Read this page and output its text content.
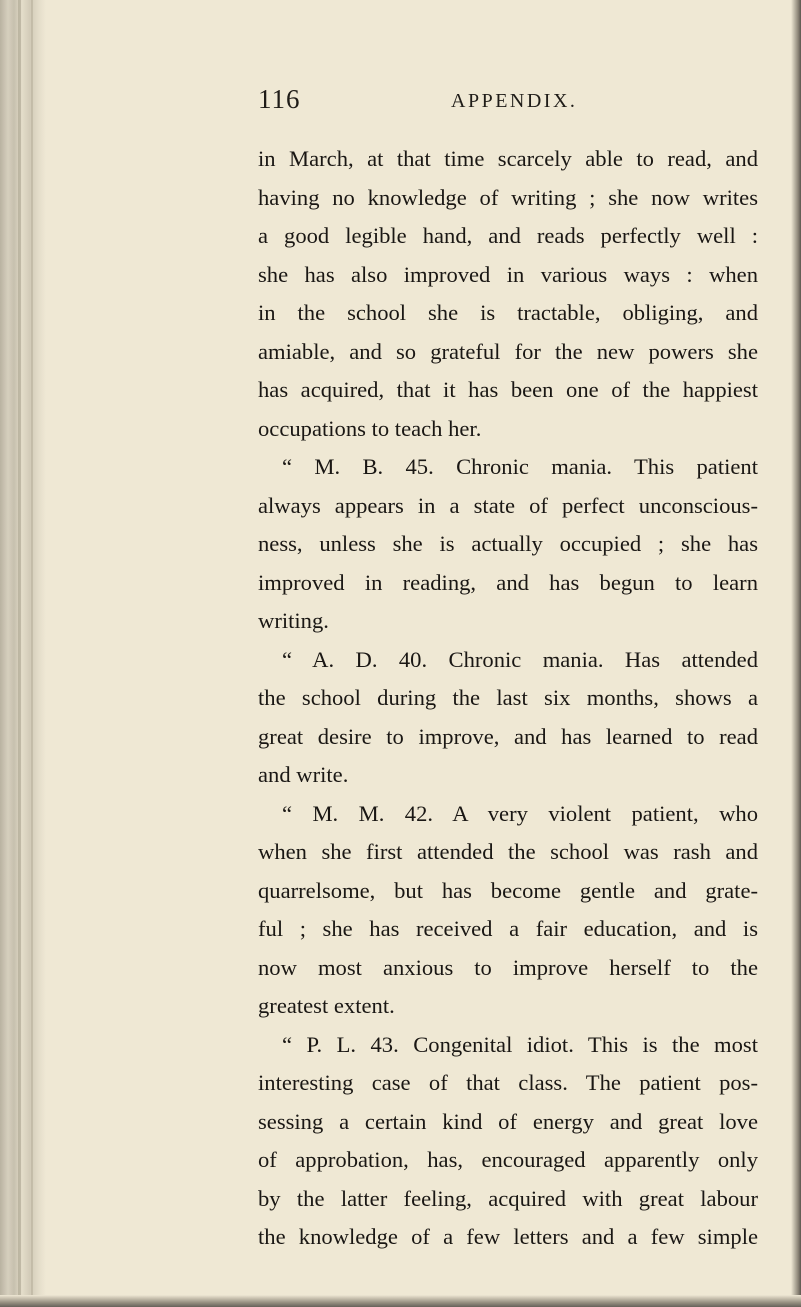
116	APPENDIX.
in March, at that time scarcely able to read, and
having no knowledge of writing ; she now writes
a good legible hand, and reads perfectly well :
she has also improved in various ways : when
in the school she is tractable, obliging, and
amiable, and so grateful for the new powers she
has acquired, that it has been one of the happiest
occupations to teach her.
“ M. B. 45. Chronic mania. This patient
always appears in a state of perfect unconscious-
ness, unless she is actually occupied ; she has
improved in reading, and has begun to learn
writing.
“ A. D. 40. Chronic mania. Has attended
the school during the last six months, shows a
great desire to improve, and has learned to read
and write.
“ M. M. 42. A very violent patient, who
when she first attended the school was rash and
quarrelsome, but has become gentle and grate-
ful ; she has received a fair education, and is
now most anxious to improve herself to the
greatest extent.
“ P. L. 43. Congenital idiot. This is the most
interesting case of that class. The patient pos-
sessing a certain kind of energy and great love
of approbation, has, encouraged apparently only
by the latter feeling, acquired with great labour
the knowledge of a few letters and a few simple
